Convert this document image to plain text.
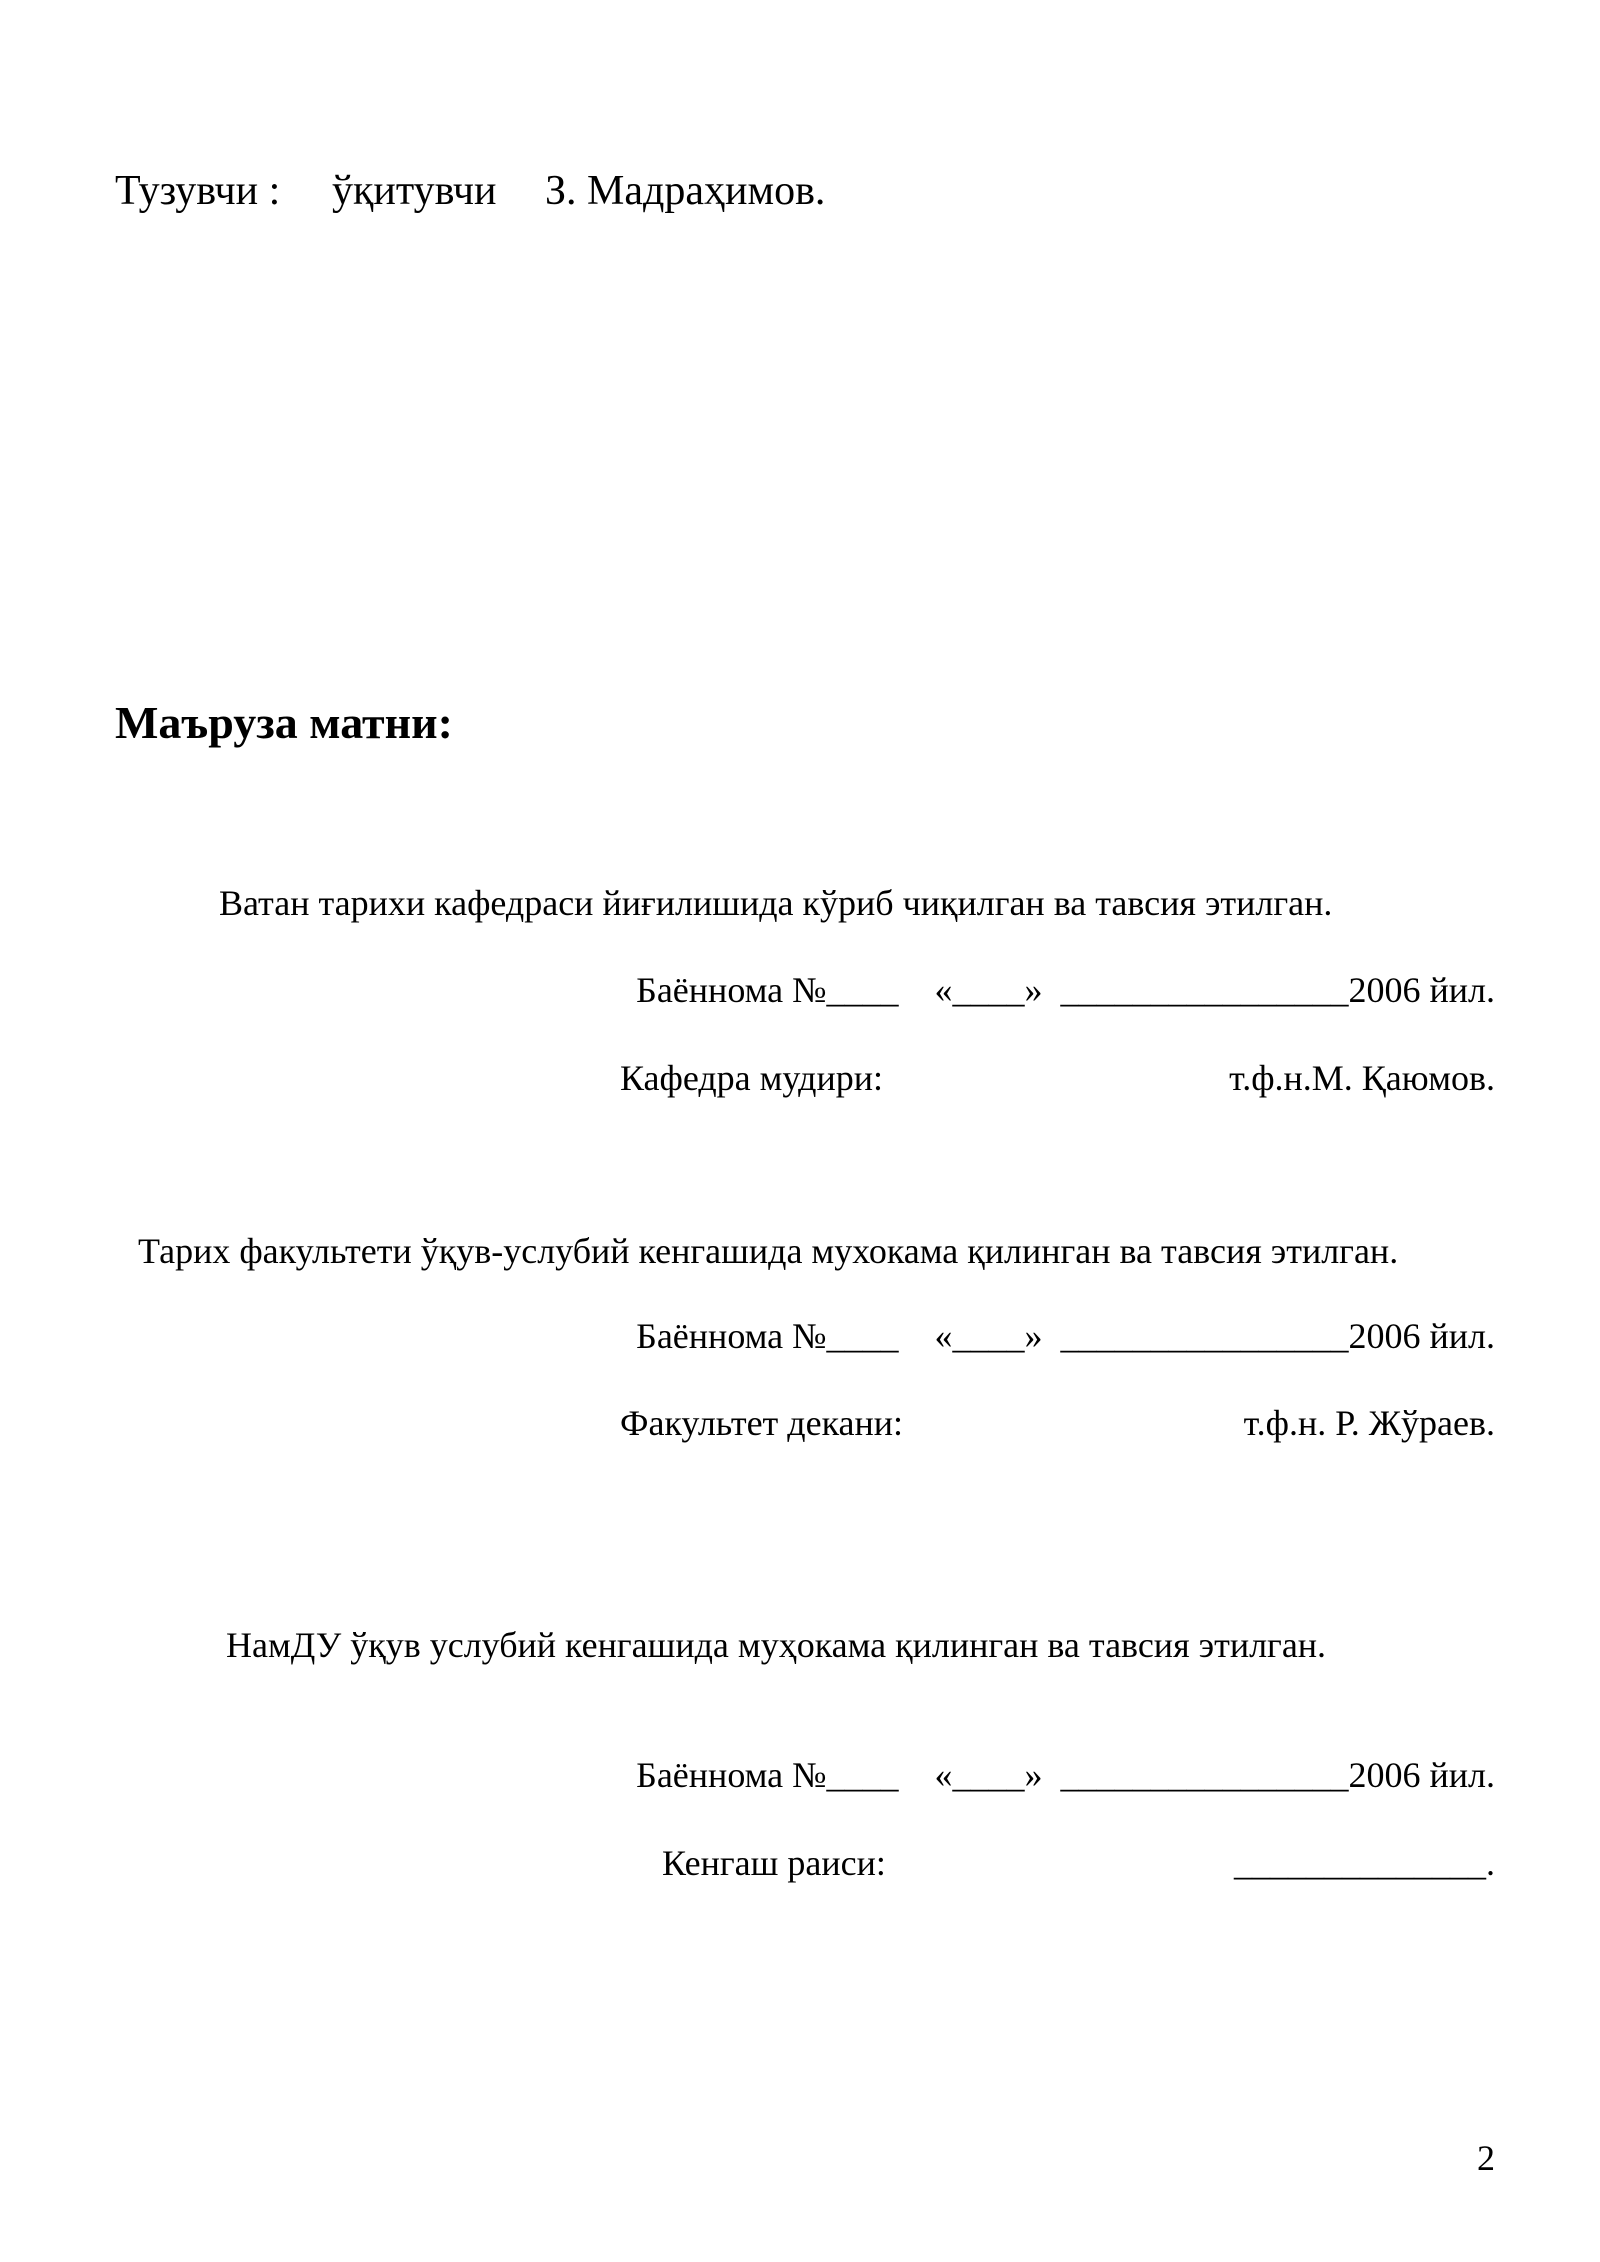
Тузувчи : ўқитувчи З. Мадраҳимов.
Маъруза матни:
Ватан тарихи кафедраси йиғилишида кўриб чиқилган ва тавсия этилган.
Баённома №____    «____»  ________________2006 йил.
Кафедра мудири:	т.ф.н.М. Қаюмов.
Тарих факультети ўқув-услубий кенгашида мухокама қилинган ва тавсия этилган.
Баённома №____    «____»  ________________2006 йил.
Факультет декани:	т.ф.н. Р. Жўраев.
НамДУ ўқув услубий кенгашида муҳокама қилинган ва тавсия этилган.
Баённома №____    «____»  ________________2006 йил.
Кенгаш раиси:	______________.
2
